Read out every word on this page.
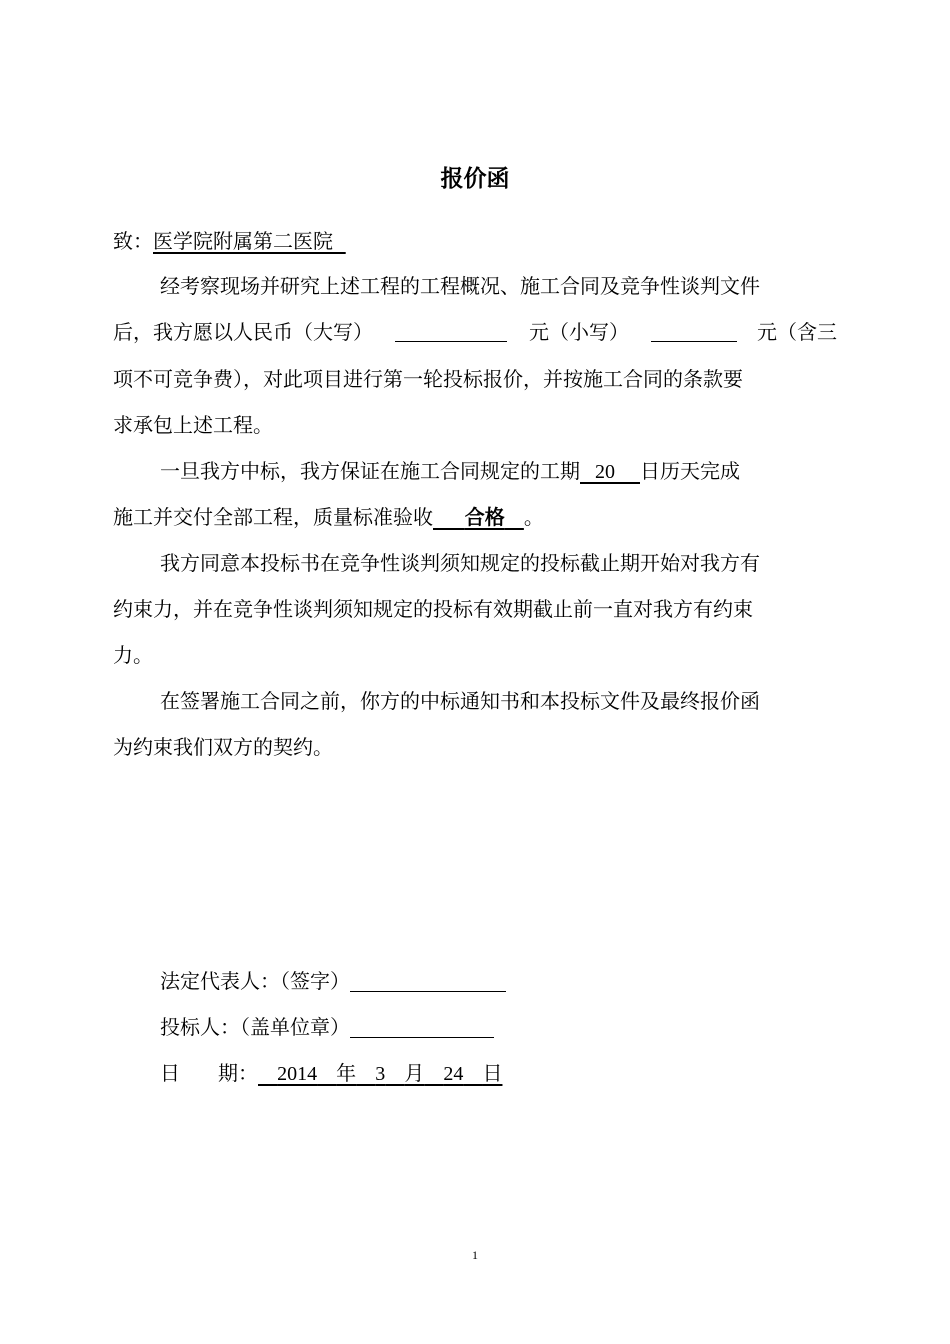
报价函
致：医学院附属第二医院
经考察现场并研究上述工程的工程概况、施工合同及竞争性谈判文件
后，我方愿以人民币（大写）	元（小写）	元（含三
项不可竞争费），对此项目进行第一轮投标报价，并按施工合同的条款要
求承包上述工程。
一旦我方中标，我方保证在施工合同规定的工期 20 日历天完成
施工并交付全部工程，质量标准验收 合格 。
我方同意本投标书在竞争性谈判须知规定的投标截止期开始对我方有
约束力，并在竞争性谈判须知规定的投标有效期截止前一直对我方有约束
力。
在签署施工合同之前，你方的中标通知书和本投标文件及最终报价函
为约束我们双方的契约。
法定代表人：（签字）
投标人：（盖单位章）
日 期： 2014 年 3 月 24 日
1
